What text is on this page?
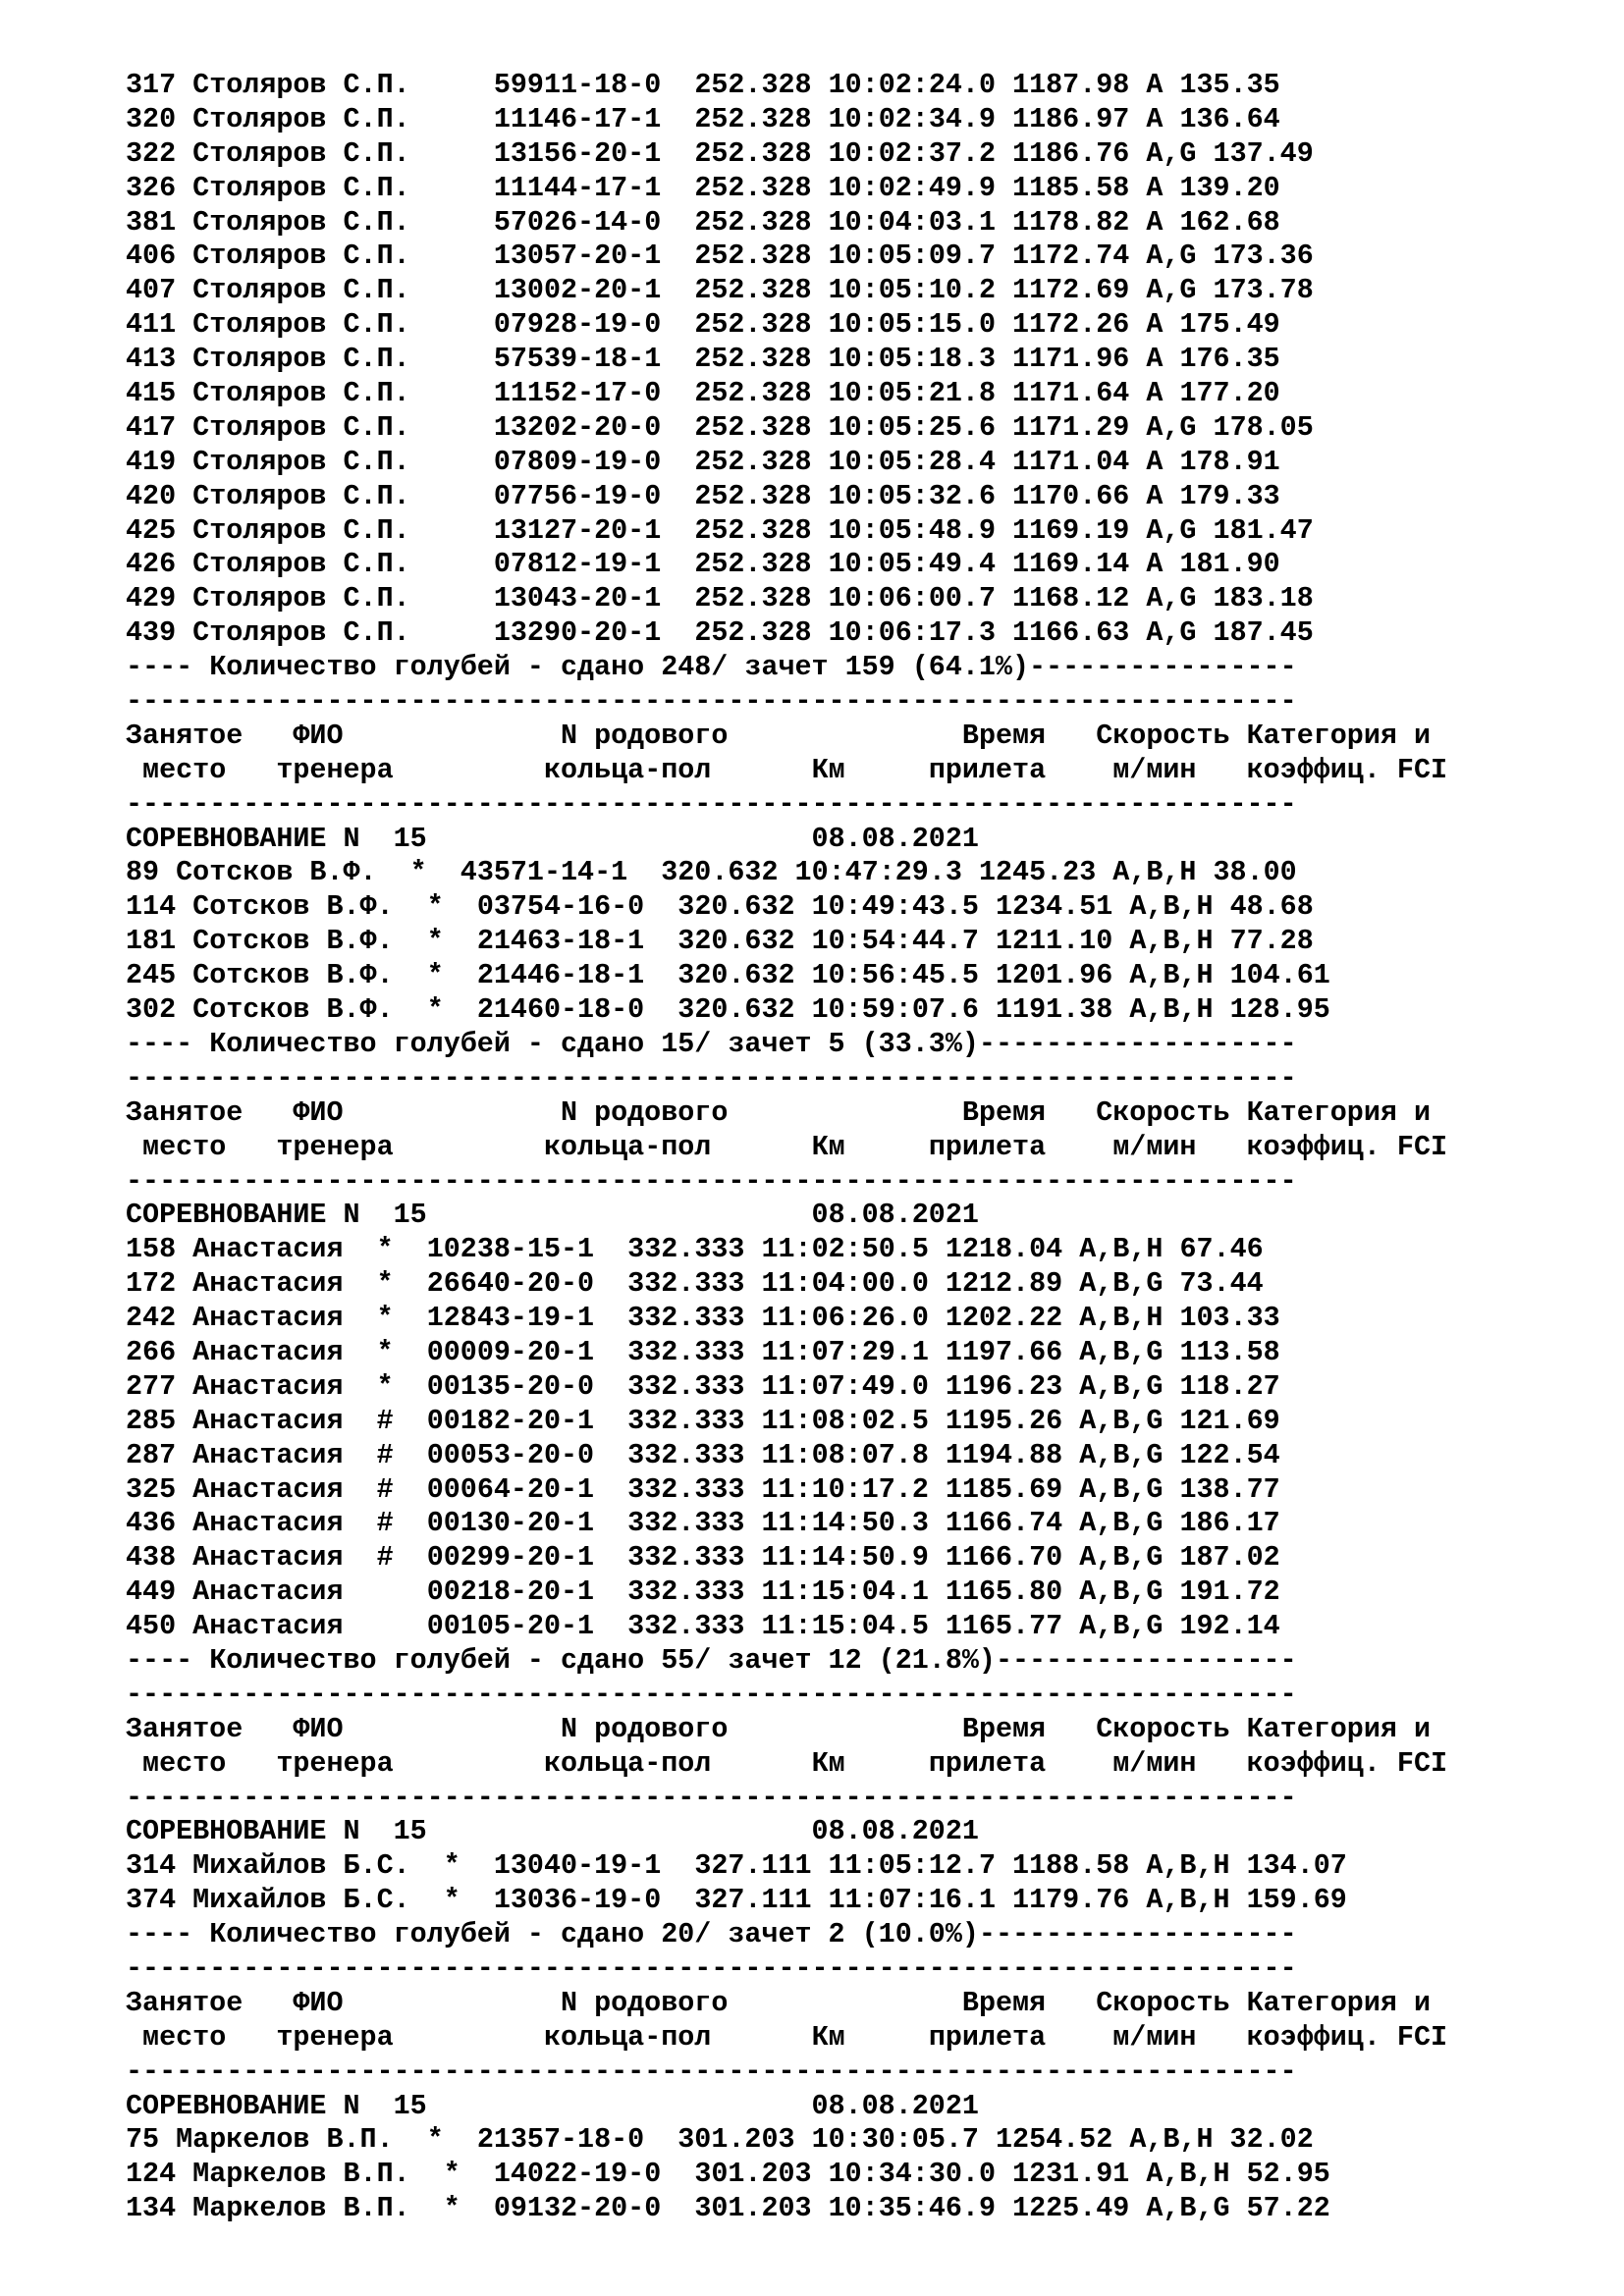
317 Столяров С.П.	59911-18-0 252.328 10:02:24.0 1187.98 A 135.35
320 Столяров С.П.	11146-17-1 252.328 10:02:34.9 1186.97 A 136.64
322 Столяров С.П.	13156-20-1 252.328 10:02:37.2 1186.76 A,G 137.49
326 Столяров С.П.	11144-17-1 252.328 10:02:49.9 1185.58 A 139.20
381 Столяров С.П.	57026-14-0 252.328 10:04:03.1 1178.82 A 162.68
406 Столяров С.П.	13057-20-1 252.328 10:05:09.7 1172.74 A,G 173.36
407 Столяров С.П.	13002-20-1 252.328 10:05:10.2 1172.69 A,G 173.78
411 Столяров С.П.	07928-19-0 252.328 10:05:15.0 1172.26 A 175.49
413 Столяров С.П.	57539-18-1 252.328 10:05:18.3 1171.96 A 176.35
415 Столяров С.П.	11152-17-0 252.328 10:05:21.8 1171.64 A 177.20
417 Столяров С.П.	13202-20-0 252.328 10:05:25.6 1171.29 A,G 178.05
419 Столяров С.П.	07809-19-0 252.328 10:05:28.4 1171.04 A 178.91
420 Столяров С.П.	07756-19-0 252.328 10:05:32.6 1170.66 A 179.33
425 Столяров С.П.	13127-20-1 252.328 10:05:48.9 1169.19 A,G 181.47
426 Столяров С.П.	07812-19-1 252.328 10:05:49.4 1169.14 A 181.90
429 Столяров С.П.	13043-20-1 252.328 10:06:00.7 1168.12 A,G 183.18
439 Столяров С.П.	13290-20-1 252.328 10:06:17.3 1166.63 A,G 187.45
---- Количество голубей - сдано 248/ зачет 159 (64.1%)----------------
----------------------------------------------------------------------
Занятое ФИО	N родового	Время Скорость Категория и
место тренера	кольца-пол	Км	прилета м/мин коэффиц. FCI
----------------------------------------------------------------------
СОРЕВНОВАНИЕ N  15	08.08.2021
89 Сотсков В.Ф. * 43571-14-1 320.632 10:47:29.3 1245.23 A,B,H 38.00
114 Сотсков В.Ф. * 03754-16-0 320.632 10:49:43.5 1234.51 A,B,H 48.68
181 Сотсков В.Ф. * 21463-18-1 320.632 10:54:44.7 1211.10 A,B,H 77.28
245 Сотсков В.Ф. * 21446-18-1 320.632 10:56:45.5 1201.96 A,B,H 104.61
302 Сотсков В.Ф. * 21460-18-0 320.632 10:59:07.6 1191.38 A,B,H 128.95
---- Количество голубей - сдано 15/ зачет 5 (33.3%)-------------------
----------------------------------------------------------------------
Занятое ФИО	N родового	Время Скорость Категория и
место тренера	кольца-пол	Км	прилета м/мин коэффиц. FCI
----------------------------------------------------------------------
СОРЕВНОВАНИЕ N  15	08.08.2021
158 Анастасия * 10238-15-1 332.333 11:02:50.5 1218.04 A,B,H 67.46
172 Анастасия * 26640-20-0 332.333 11:04:00.0 1212.89 A,B,G 73.44
242 Анастасия * 12843-19-1 332.333 11:06:26.0 1202.22 A,B,H 103.33
266 Анастасия * 00009-20-1 332.333 11:07:29.1 1197.66 A,B,G 113.58
277 Анастасия * 00135-20-0 332.333 11:07:49.0 1196.23 A,B,G 118.27
285 Анастасия # 00182-20-1 332.333 11:08:02.5 1195.26 A,B,G 121.69
287 Анастасия # 00053-20-0 332.333 11:08:07.8 1194.88 A,B,G 122.54
325 Анастасия # 00064-20-1 332.333 11:10:17.2 1185.69 A,B,G 138.77
436 Анастасия # 00130-20-1 332.333 11:14:50.3 1166.74 A,B,G 186.17
438 Анастасия # 00299-20-1 332.333 11:14:50.9 1166.70 A,B,G 187.02
449 Анастасия	00218-20-1 332.333 11:15:04.1 1165.80 A,B,G 191.72
450 Анастасия	00105-20-1 332.333 11:15:04.5 1165.77 A,B,G 192.14
---- Количество голубей - сдано 55/ зачет 12 (21.8%)------------------
----------------------------------------------------------------------
Занятое ФИО	N родового	Время Скорость Категория и
место тренера	кольца-пол	Км	прилета м/мин коэффиц. FCI
----------------------------------------------------------------------
СОРЕВНОВАНИЕ N  15	08.08.2021
314 Михайлов Б.С. * 13040-19-1 327.111 11:05:12.7 1188.58 A,B,H 134.07
374 Михайлов Б.С. * 13036-19-0 327.111 11:07:16.1 1179.76 A,B,H 159.69
---- Количество голубей - сдано 20/ зачет 2 (10.0%)-------------------
----------------------------------------------------------------------
Занятое ФИО	N родового	Время Скорость Категория и
место тренера	кольца-пол	Км	прилета м/мин коэффиц. FCI
----------------------------------------------------------------------
СОРЕВНОВАНИЕ N  15	08.08.2021
75 Маркелов В.П. * 21357-18-0 301.203 10:30:05.7 1254.52 A,B,H 32.02
124 Маркелов В.П. * 14022-19-0 301.203 10:34:30.0 1231.91 A,B,H 52.95
134 Маркелов В.П. * 09132-20-0 301.203 10:35:46.9 1225.49 A,B,G 57.22
